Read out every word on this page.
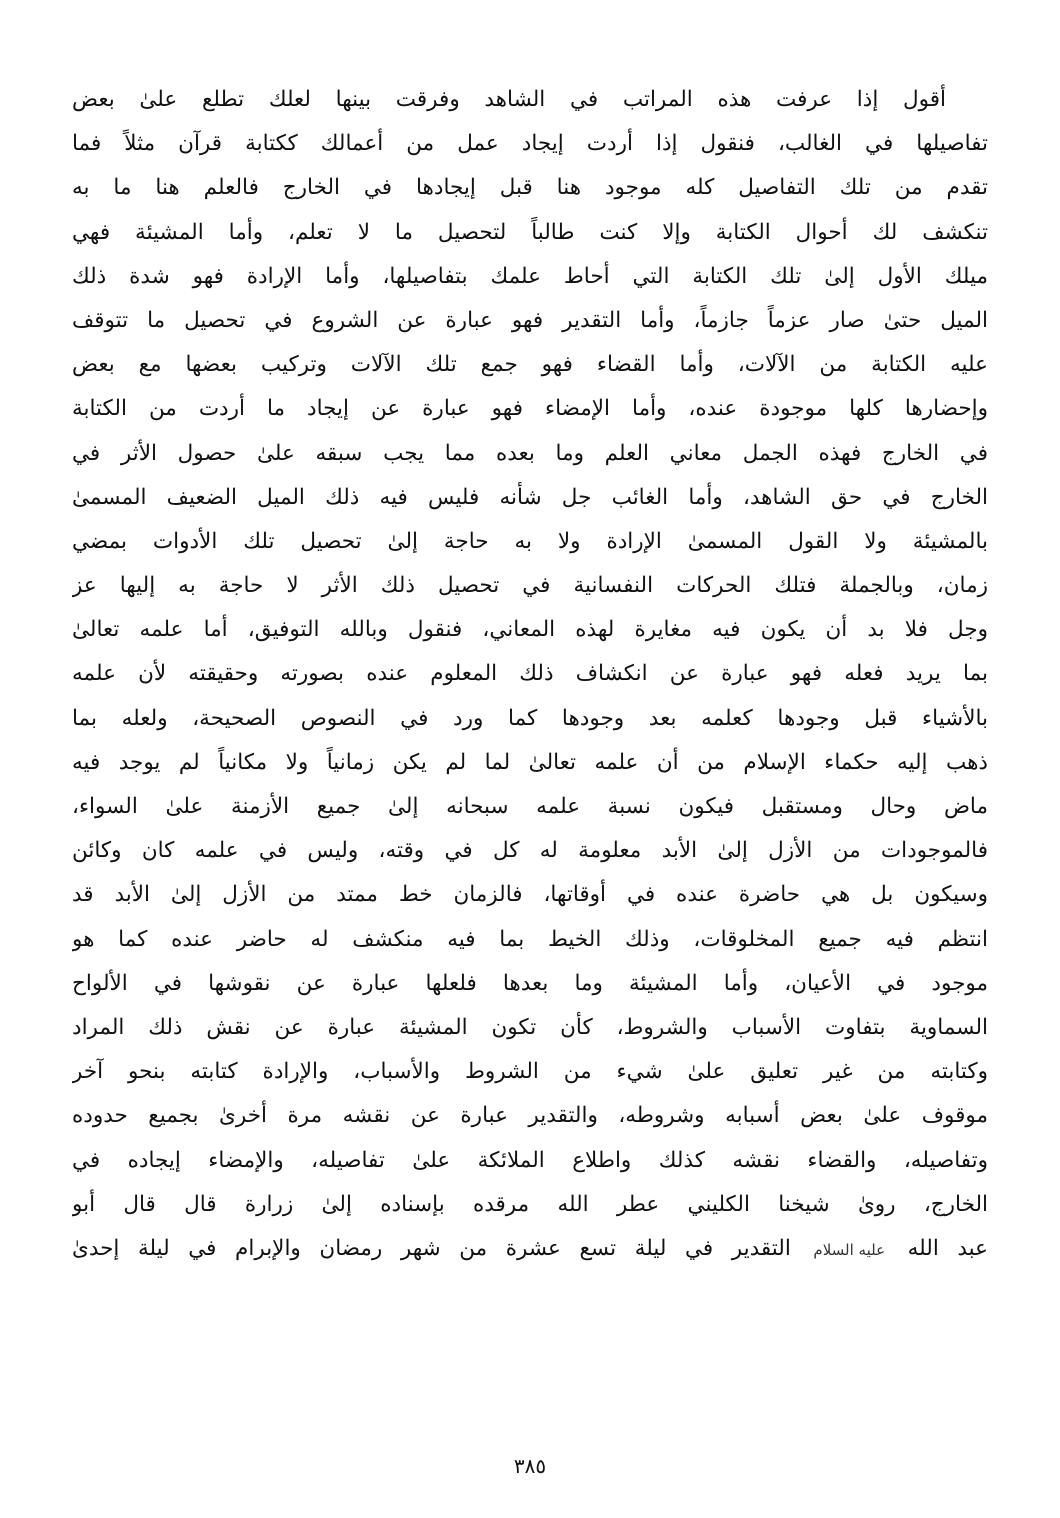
أقول إذا عرفت هذه المراتب في الشاهد وفرقت بينها لعلك تطلع علىٰ بعض
تفاصيلها في الغالب، فنقول إذا أردت إيجاد عمل من أعمالك ككتابة قرآن مثلاً فما
تقدم من تلك التفاصيل كله موجود هنا قبل إيجادها في الخارج فالعلم هنا ما به
تنكشف لك أحوال الكتابة وإلا كنت طالباً لتحصيل ما لا تعلم، وأما المشيئة فهي
ميلك الأول إلىٰ تلك الكتابة التي أحاط علمك بتفاصيلها، وأما الإرادة فهو شدة ذلك
الميل حتىٰ صار عزماً جازماً، وأما التقدير فهو عبارة عن الشروع في تحصيل ما تتوقف
عليه الكتابة من الآلات، وأما القضاء فهو جمع تلك الآلات وتركيب بعضها مع بعض
وإحضارها كلها موجودة عنده، وأما الإمضاء فهو عبارة عن إيجاد ما أردت من الكتابة
في الخارج فهذه الجمل معاني العلم وما بعده مما يجب سبقه علىٰ حصول الأثر في
الخارج في حق الشاهد، وأما الغائب جل شأنه فليس فيه ذلك الميل الضعيف المسمىٰ
بالمشيئة ولا القول المسمىٰ الإرادة ولا به حاجة إلىٰ تحصيل تلك الأدوات بمضي
زمان، وبالجملة فتلك الحركات النفسانية في تحصيل ذلك الأثر لا حاجة به إليها عز
وجل فلا بد أن يكون فيه مغايرة لهذه المعاني، فنقول وبالله التوفيق، أما علمه تعالىٰ
بما يريد فعله فهو عبارة عن انكشاف ذلك المعلوم عنده بصورته وحقيقته لأن علمه
بالأشياء قبل وجودها كعلمه بعد وجودها كما ورد في النصوص الصحيحة، ولعله بما
ذهب إليه حكماء الإسلام من أن علمه تعالىٰ لما لم يكن زمانياً ولا مكانياً لم يوجد فيه
ماض وحال ومستقبل فيكون نسبة علمه سبحانه إلىٰ جميع الأزمنة علىٰ السواء،
فالموجودات من الأزل إلىٰ الأبد معلومة له كل في وقته، وليس في علمه كان وكائن
وسيكون بل هي حاضرة عنده في أوقاتها، فالزمان خط ممتد من الأزل إلىٰ الأبد قد
انتظم فيه جميع المخلوقات، وذلك الخيط بما فيه منكشف له حاضر عنده كما هو
موجود في الأعيان، وأما المشيئة وما بعدها فلعلها عبارة عن نقوشها في الألواح
السماوية بتفاوت الأسباب والشروط، كأن تكون المشيئة عبارة عن نقش ذلك المراد
وكتابته من غير تعليق علىٰ شيء من الشروط والأسباب، والإرادة كتابته بنحو آخر
موقوف علىٰ بعض أسبابه وشروطه، والتقدير عبارة عن نقشه مرة أخرىٰ بجميع حدوده
وتفاصيله، والقضاء نقشه كذلك واطلاع الملائكة علىٰ تفاصيله، والإمضاء إيجاده في
الخارج، روىٰ شيخنا الكليني عطر الله مرقده بإسناده إلىٰ زرارة قال قال أبو
عبد الله عليه السلام التقدير في ليلة تسع عشرة من شهر رمضان والإبرام في ليلة إحدىٰ
٣٨٥
